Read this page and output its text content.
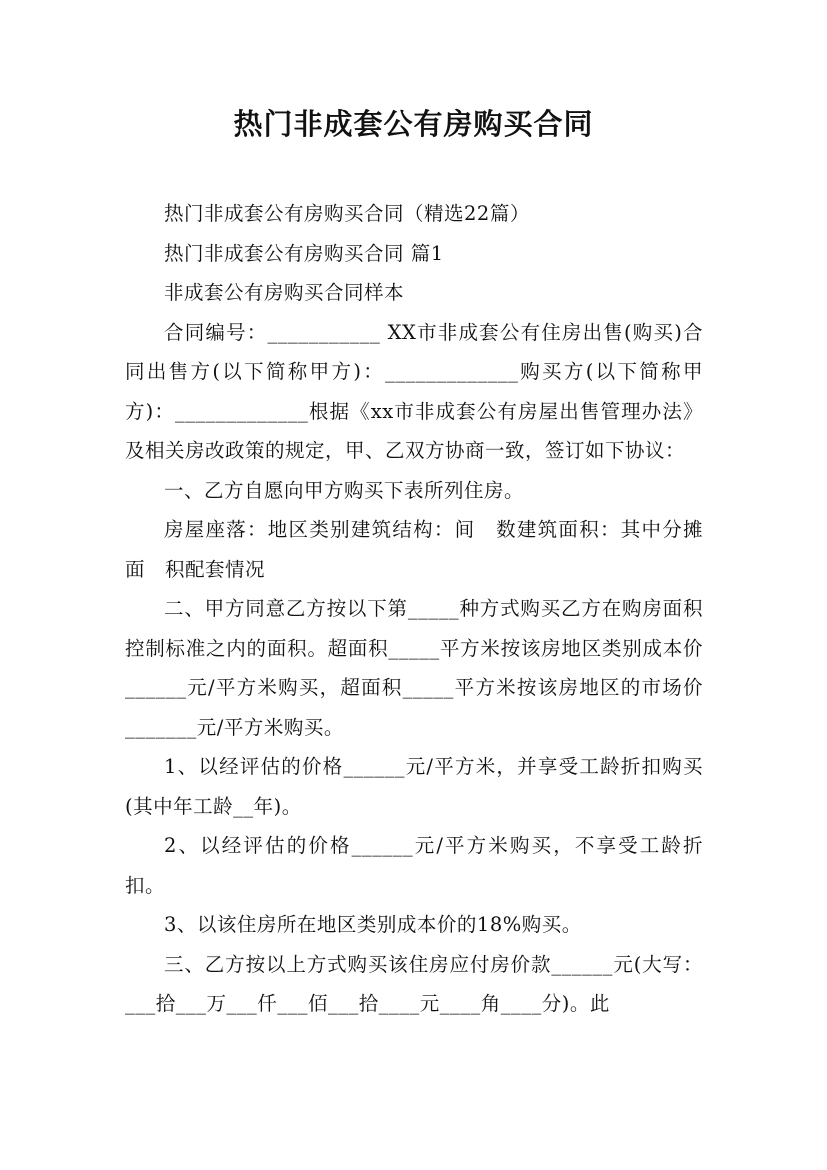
热门非成套公有房购买合同

热门非成套公有房购买合同（精选22篇）

热门非成套公有房购买合同 篇1

非成套公有房购买合同样本

合同编号：___________ XX市非成套公有住房出售(购买)合同出售方(以下简称甲方)：_____________购买方(以下简称甲方)：_____________根据《xx市非成套公有房屋出售管理办法》及相关房改政策的规定，甲、乙双方协商一致，签订如下协议：

一、乙方自愿向甲方购买下表所列住房。

房屋座落：地区类别建筑结构：间　数建筑面积：其中分摊面　积配套情况

二、甲方同意乙方按以下第_____种方式购买乙方在购房面积控制标准之内的面积。超面积_____平方米按该房地区类别成本价______元/平方米购买，超面积_____平方米按该房地区的市场价_______元/平方米购买。

1、以经评估的价格______元/平方米，并享受工龄折扣购买(其中年工龄__年)。

2、以经评估的价格______元/平方米购买，不享受工龄折扣。

3、以该住房所在地区类别成本价的18%购买。

三、乙方按以上方式购买该住房应付房价款______元(大写：___拾___万___仟___佰___拾____元____角____分)。此
